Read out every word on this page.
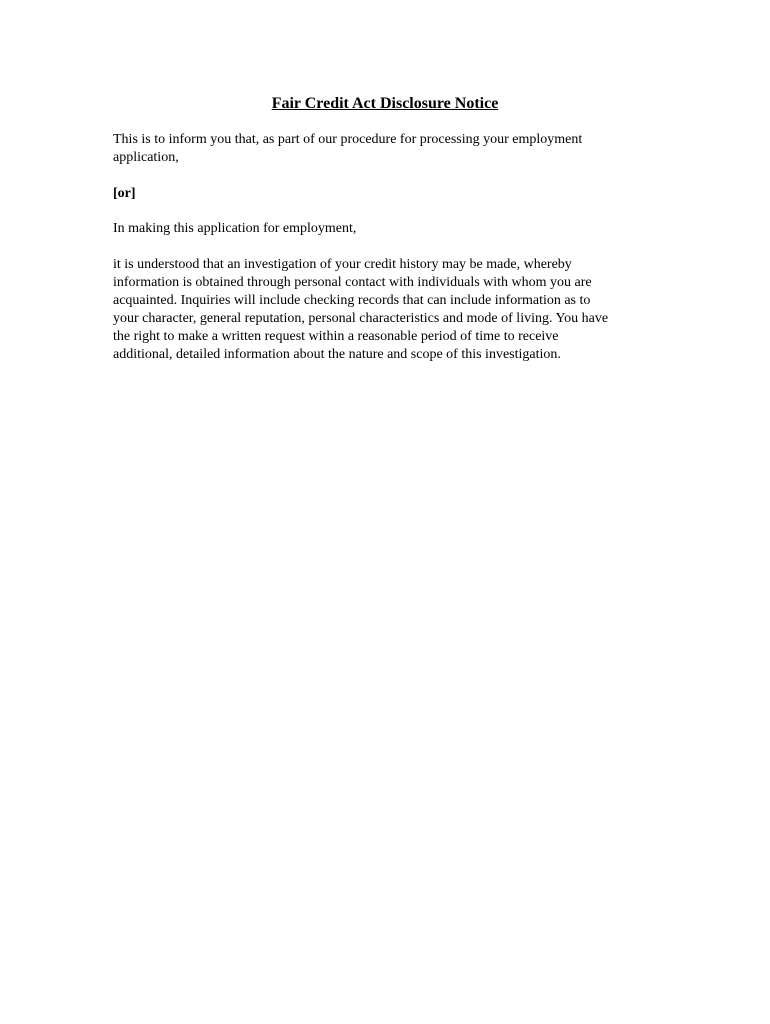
Fair Credit Act Disclosure Notice

This is to inform you that, as part of our procedure for processing your employment
application,

[or]

In making this application for employment,

it is understood that an investigation of your credit history may be made, whereby
information is obtained through personal contact with individuals with whom you are
acquainted. Inquiries will include checking records that can include information as to
your character, general reputation, personal characteristics and mode of living. You have
the right to make a written request within a reasonable period of time to receive
additional, detailed information about the nature and scope of this investigation.
